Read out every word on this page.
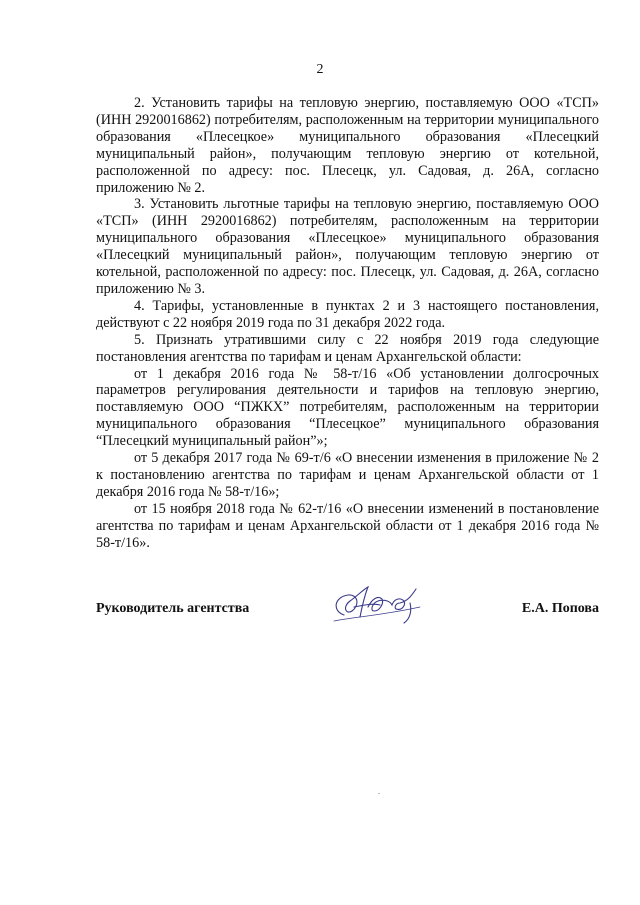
2

2. Установить тарифы на тепловую энергию, поставляемую ООО «ТСП» (ИНН 2920016862) потребителям, расположенным на территории муниципального образования «Плесецкое» муниципального образования «Плесецкий муниципальный район», получающим тепловую энергию от котельной, расположенной по адресу: пос. Плесецк, ул. Садовая, д. 26А, согласно приложению № 2.

3. Установить льготные тарифы на тепловую энергию, поставляемую ООО «ТСП» (ИНН 2920016862) потребителям, расположенным на территории муниципального образования «Плесецкое» муниципального образования «Плесецкий муниципальный район», получающим тепловую энергию от котельной, расположенной по адресу: пос. Плесецк, ул. Садовая, д. 26А, согласно приложению № 3.

4. Тарифы, установленные в пунктах 2 и 3 настоящего постановления, действуют с 22 ноября 2019 года по 31 декабря 2022 года.

5. Признать утратившими силу с 22 ноября 2019 года следующие постановления агентства по тарифам и ценам Архангельской области:

от 1 декабря 2016 года № 58-т/16 «Об установлении долгосрочных параметров регулирования деятельности и тарифов на тепловую энергию, поставляемую ООО “ПЖКХ” потребителям, расположенным на территории муниципального образования “Плесецкое” муниципального образования “Плесецкий муниципальный район”»;

от 5 декабря 2017 года № 69-т/6 «О внесении изменения в приложение № 2 к постановлению агентства по тарифам и ценам Архангельской области от 1 декабря 2016 года № 58-т/16»;

от 15 ноября 2018 года № 62-т/16 «О внесении изменений в постановление агентства по тарифам и ценам Архангельской области от 1 декабря 2016 года № 58-т/16».

Руководитель агентства	Е.А. Попова
